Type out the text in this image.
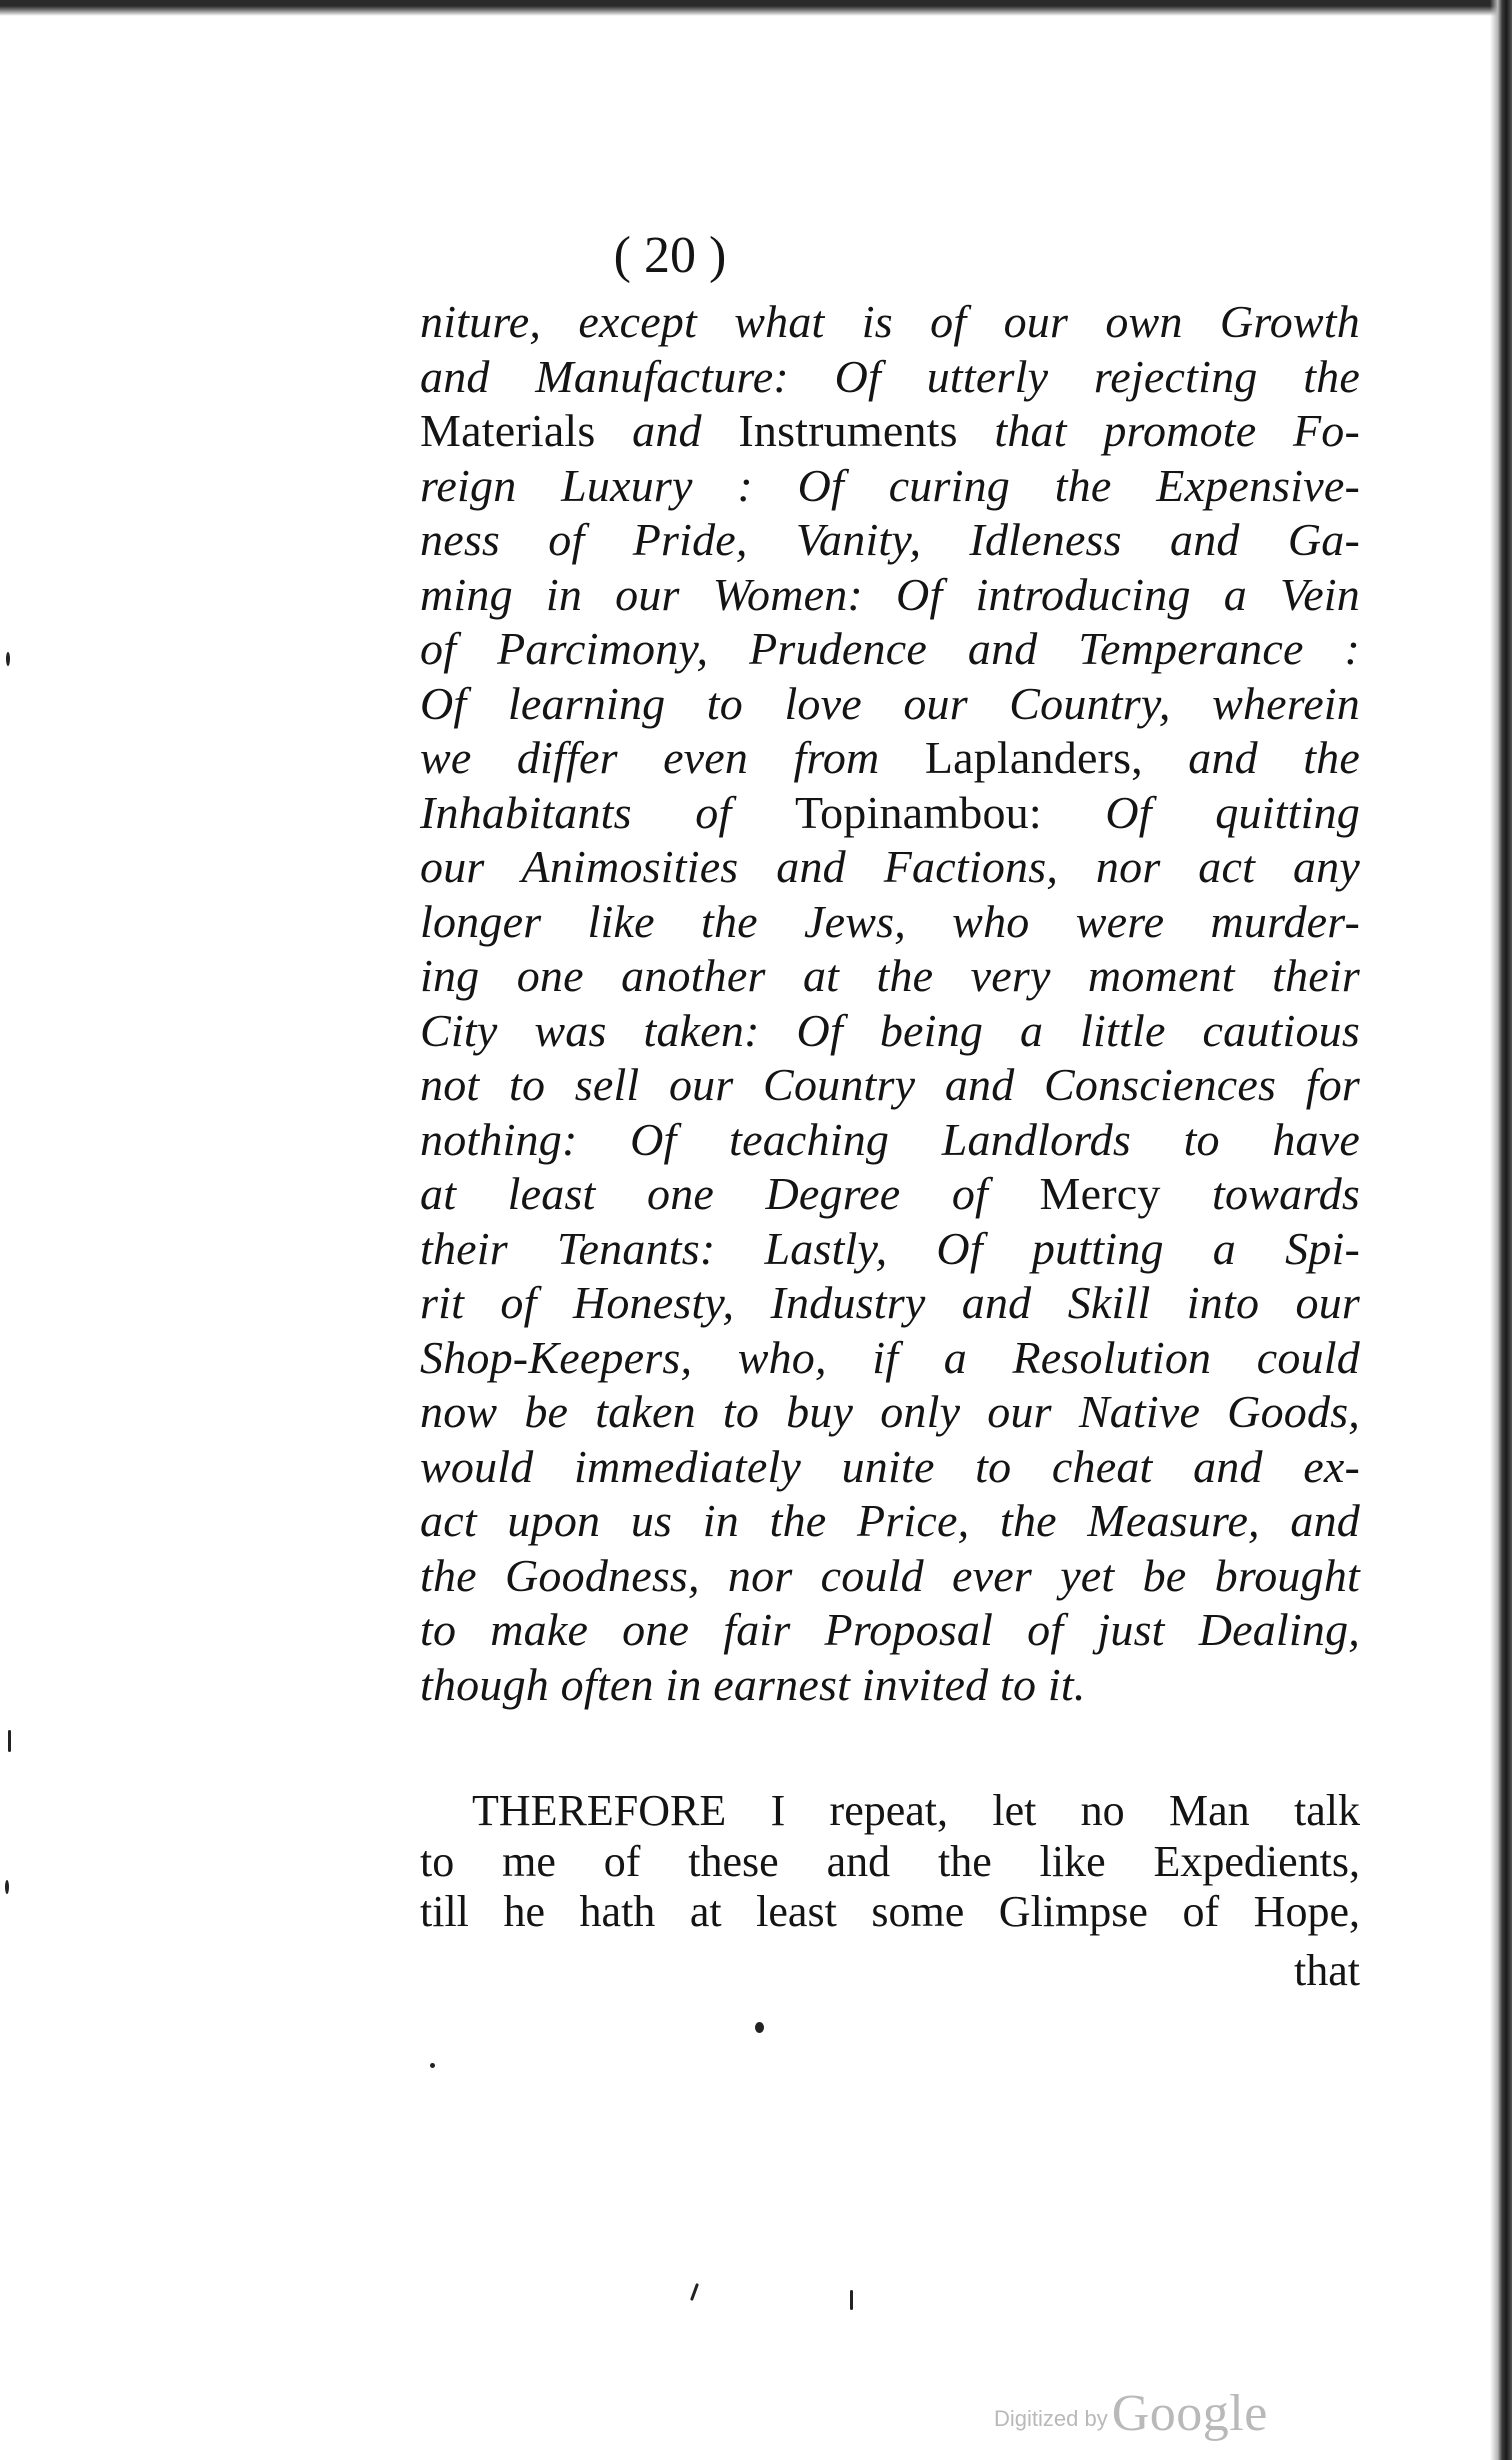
( 20 )
niture, except what is of our own Growth
and Manufacture: Of utterly rejecting the
Materials and Instruments that promote Fo-
reign Luxury : Of curing the Expensive-
ness of Pride, Vanity, Idleness and Ga-
ming in our Women: Of introducing a Vein
of Parcimony, Prudence and Temperance :
Of learning to love our Country, wherein
we differ even from Laplanders, and the
Inhabitants of Topinambou: Of quitting
our Animosities and Factions, nor act any
longer like the Jews, who were murder-
ing one another at the very moment their
City was taken: Of being a little cautious
not to sell our Country and Consciences for
nothing: Of teaching Landlords to have
at least one Degree of Mercy towards
their Tenants: Lastly, Of putting a Spi-
rit of Honesty, Industry and Skill into our
Shop-Keepers, who, if a Resolution could
now be taken to buy only our Native Goods,
would immediately unite to cheat and ex-
act upon us in the Price, the Measure, and
the Goodness, nor could ever yet be brought
to make one fair Proposal of just Dealing,
though often in earnest invited to it.
THEREFORE I repeat, let no Man talk
to me of these and the like Expedients,
till he hath at least some Glimpse of Hope,
that
Digitized by Google
